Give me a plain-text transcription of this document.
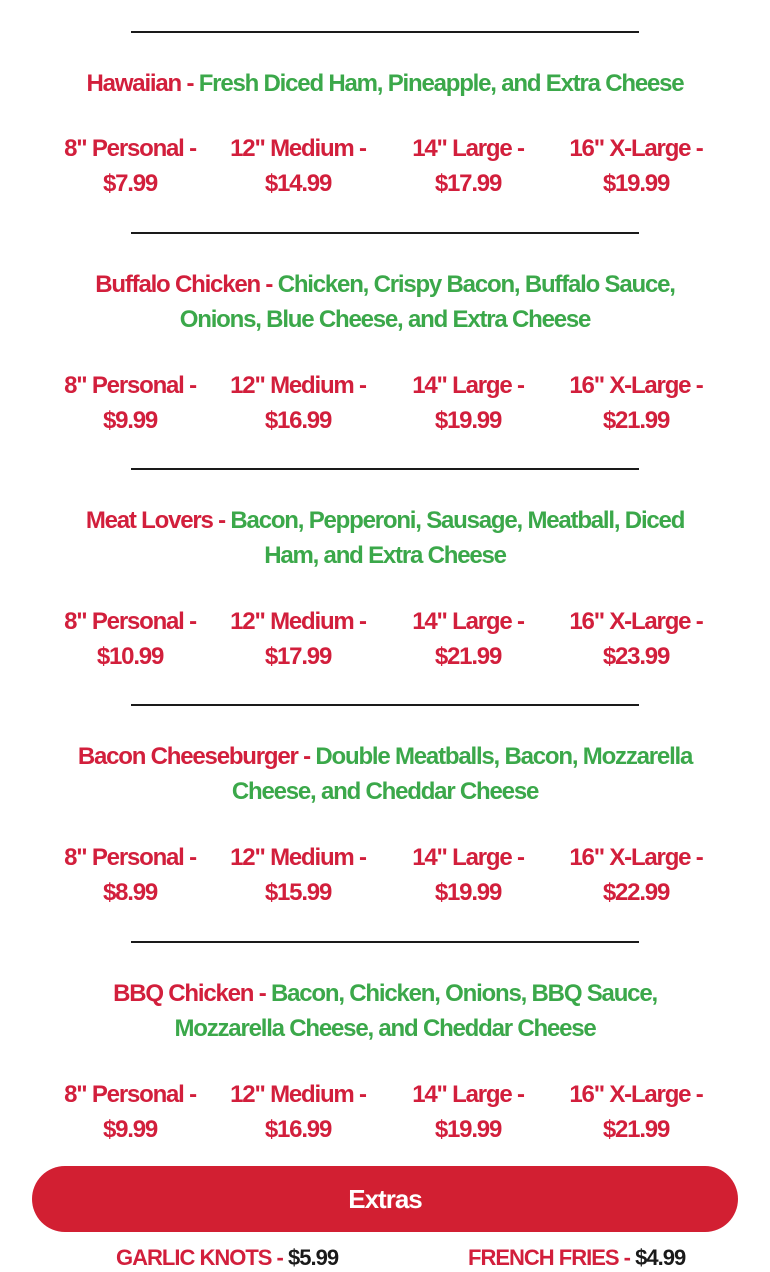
Hawaiian - Fresh Diced Ham, Pineapple, and Extra Cheese
8" Personal -
$7.99
12" Medium -
$14.99
14" Large -
$17.99
16" X-Large -
$19.99
Buffalo Chicken - Chicken, Crispy Bacon, Buffalo Sauce, Onions, Blue Cheese, and Extra Cheese
8" Personal -
$9.99
12" Medium -
$16.99
14" Large -
$19.99
16" X-Large -
$21.99
Meat Lovers - Bacon, Pepperoni, Sausage, Meatball, Diced Ham, and Extra Cheese
8" Personal -
$10.99
12" Medium -
$17.99
14" Large -
$21.99
16" X-Large -
$23.99
Bacon Cheeseburger - Double Meatballs, Bacon, Mozzarella Cheese, and Cheddar Cheese
8" Personal -
$8.99
12" Medium -
$15.99
14" Large -
$19.99
16" X-Large -
$22.99
BBQ Chicken - Bacon, Chicken, Onions, BBQ Sauce, Mozzarella Cheese, and Cheddar Cheese
8" Personal -
$9.99
12" Medium -
$16.99
14" Large -
$19.99
16" X-Large -
$21.99
Extras
GARLIC KNOTS - $5.99	FRENCH FRIES - $4.99
